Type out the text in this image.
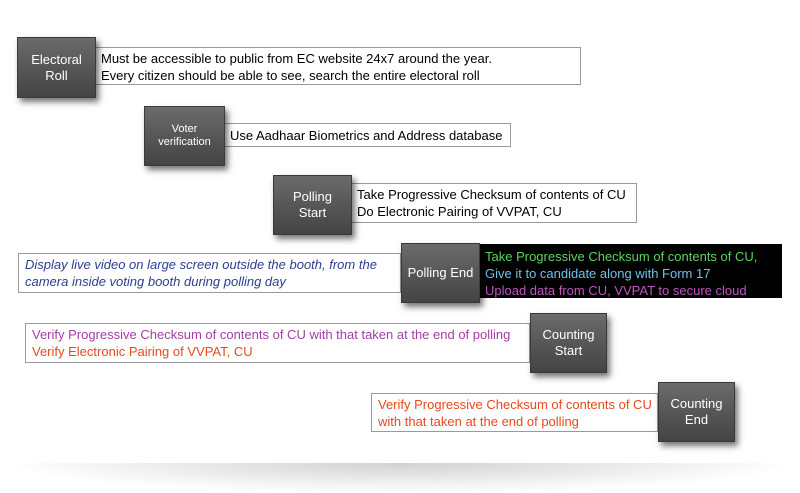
Electoral
Roll
Must be accessible to public from EC website 24x7 around the year.
Every citizen should be able to see, search the entire electoral roll
Voter
verification	Use Aadhaar Biometrics and Address database
Polling
Start
Take Progressive Checksum of contents of CU
Do Electronic Pairing of VVPAT, CU
Display live video on large screen outside the booth, from the
camera inside voting booth during polling day
Polling End
Take Progressive Checksum of contents of CU,
Give it to candidate along with Form 17
Upload data from CU, VVPAT to secure cloud
Verify Progressive Checksum of contents of CU with that taken at the end of polling
Verify Electronic Pairing of VVPAT, CU
Counting
Start
Verify Progressive Checksum of contents of CU
with that taken at the end of polling
Counting
End
